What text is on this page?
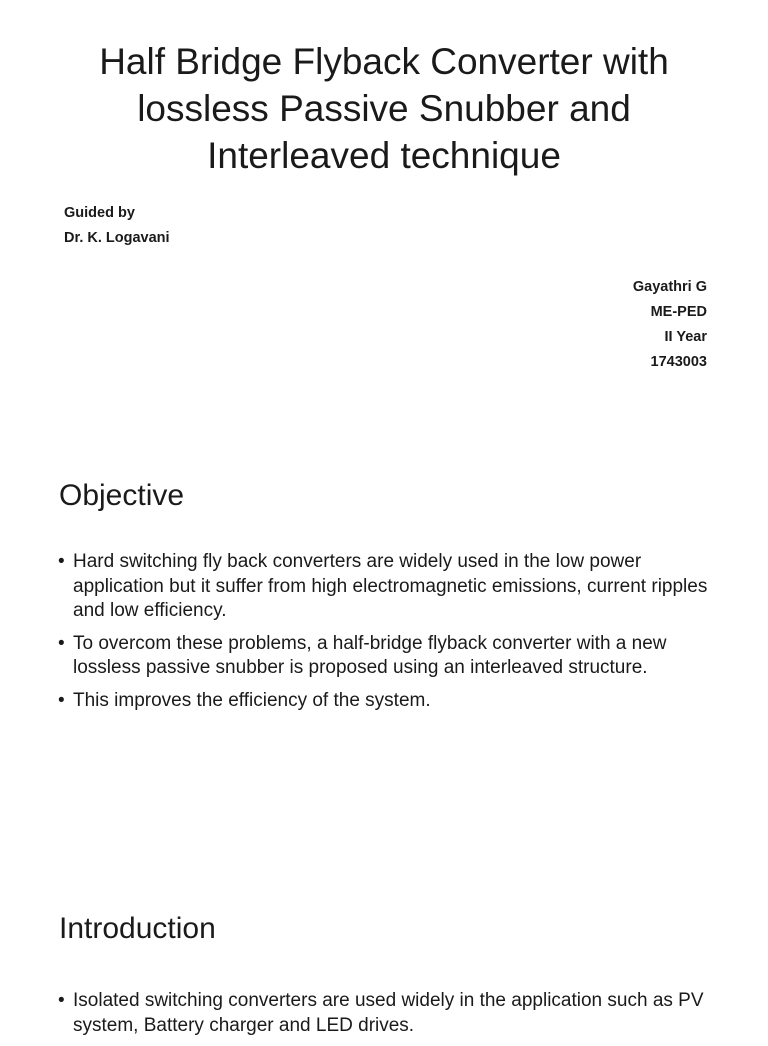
Half Bridge Flyback Converter with lossless Passive Snubber and Interleaved technique
Guided by
Dr. K. Logavani
Gayathri G
ME-PED
II Year
1743003
Objective
• Hard switching fly back converters are widely used in the low power application but it suffer from high electromagnetic emissions, current ripples and low efficiency.
• To overcom these problems, a half-bridge flyback converter with a new lossless passive snubber is proposed using an interleaved structure.
• This improves the efficiency of the system.
Introduction
• Isolated switching converters are used widely in the application such as PV system, Battery charger and LED drives.
